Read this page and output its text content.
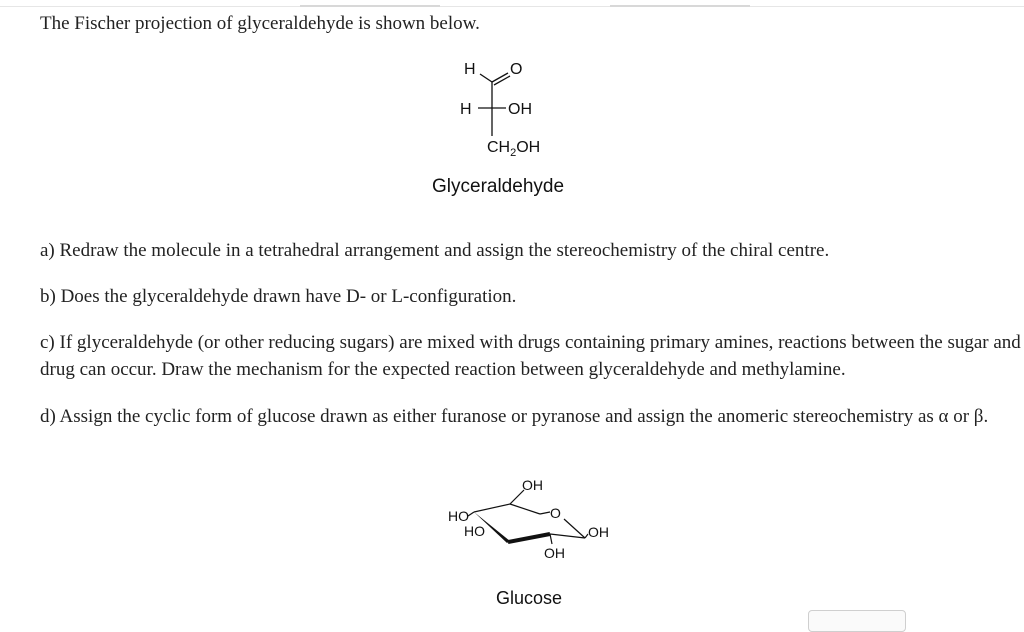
The Fischer projection of glyceraldehyde is shown below.

H O
H OH
$CH_2OH$
Glyceraldehyde

a) Redraw the molecule in a tetrahedral arrangement and assign the stereochemistry of the chiral centre.

b) Does the glyceraldehyde drawn have D- or L-configuration.

c) If glyceraldehyde (or other reducing sugars) are mixed with drugs containing primary amines, reactions between the sugar and drug can occur. Draw the mechanism for the expected reaction between glyceraldehyde and methylamine.

d) Assign the cyclic form of glucose drawn as either furanose or pyranose and assign the anomeric stereochemistry as α or β.

OH
O
HO
HO	OH
OH
Glucose
